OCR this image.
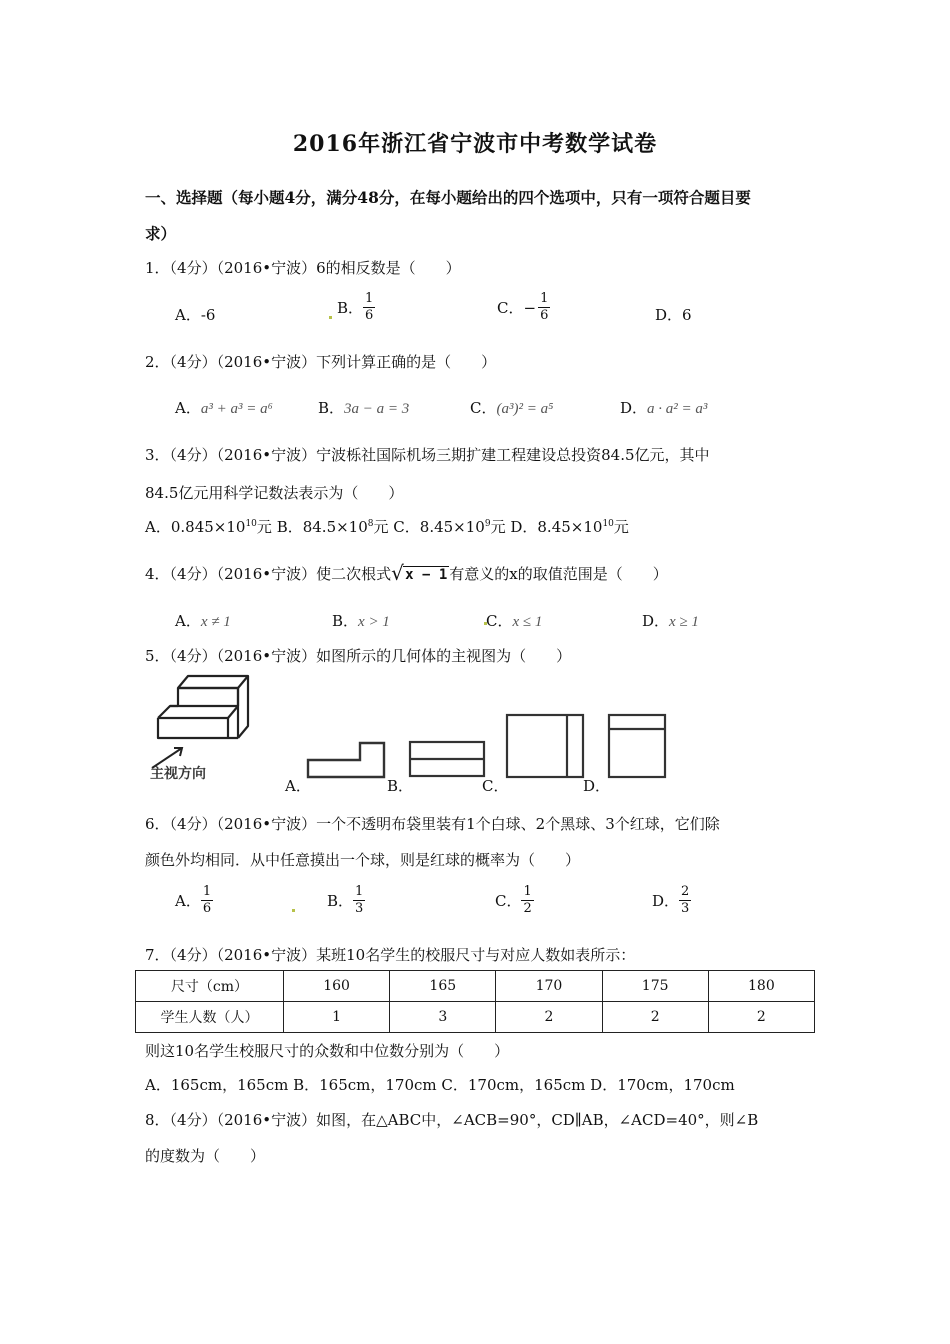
2016年浙江省宁波市中考数学试卷
一、选择题（每小题4分，满分48分，在每小题给出的四个选项中，只有一项符合题目要
求）
1．（4分）（2016•宁波）6的相反数是（　　）
A．-6	B． $\frac{1}{6}$	C．− $\frac{1}{6}$	D．6
2．（4分）（2016•宁波）下列计算正确的是（　　）
A．a³ + a³ = a⁶	B．3a − a = 3	C．(a³)² = a⁵	D．a · a² = a³
3．（4分）（2016•宁波）宁波栎社国际机场三期扩建工程建设总投资84.5亿元，其中
84.5亿元用科学记数法表示为（　　）
A．$0.845\times 10^{10}$元 B．$84.5\times 10^8$元 C．$8.45\times 10^9$元 D．$8.45\times 10^{10}$元
4．（4分）（2016•宁波）使二次根式 √ x − 1 有意义的x的取值范围是（　　）
A．x ≠ 1	B．x > 1	C．x ≤ 1	D．x ≥ 1
5．（4分）（2016•宁波）如图所示的几何体的主视图为（　　）
主视方向
A．	B．	C．	D．
6．（4分）（2016•宁波）一个不透明布袋里装有1个白球、2个黑球、3个红球，它们除
颜色外均相同．从中任意摸出一个球，则是红球的概率为（　　）
A． $\frac{1}{6}$	B． $\frac{1}{3}$	C． $\frac{1}{2}$	D． $\frac{2}{3}$
7．（4分）（2016•宁波）某班10名学生的校服尺寸与对应人数如表所示：
尺寸（cm）	160	165	170	175	180
学生人数（人）	1	3	2	2	2
则这10名学生校服尺寸的众数和中位数分别为（　　）
A．165cm，165cm B．165cm，170cm C．170cm，165cm D．170cm，170cm
8．（4分）（2016•宁波）如图，在△ABC中，∠ACB=90°，CD∥AB，∠ACD=40°，则∠B
的度数为（　　）
